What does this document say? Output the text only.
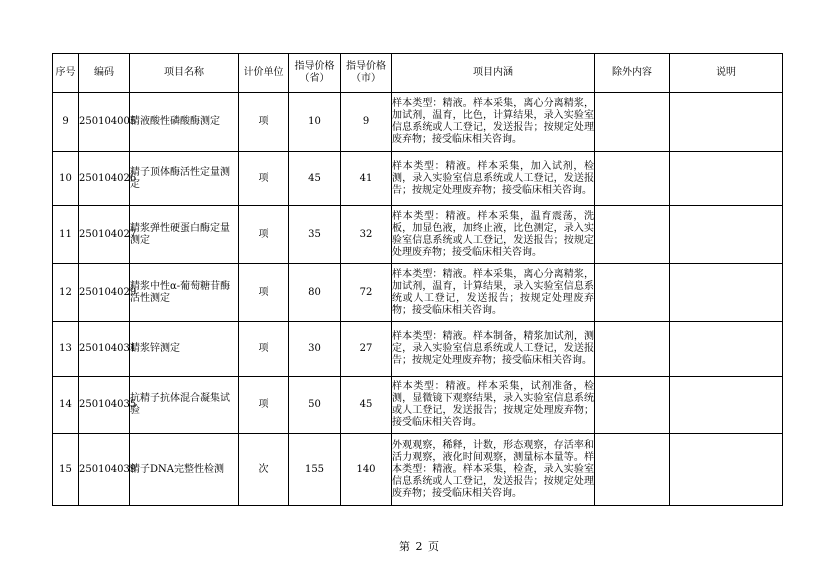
序号	编码	项目名称	计价单位	指导价格（省）	指导价格（市）	项目内涵	除外内容	说明
9	250104005	精液酸性磷酸酶测定	项	10	9	样本类型：精液。样本采集，离心分离精浆，加试剂，温育，比色，计算结果，录入实验室信息系统或人工登记，发送报告；按规定处理废弃物；接受临床相关咨询。		
10	250104026	精子顶体酶活性定量测定	项	45	41	样本类型：精液。样本采集，加入试剂，检测，录入实验室信息系统或人工登记，发送报告；按规定处理废弃物；接受临床相关咨询。		
11	250104027	精浆弹性硬蛋白酶定量测定	项	35	32	样本类型：精液。样本采集，温育震荡，洗板，加显色液，加终止液，比色测定，录入实验室信息系统或人工登记，发送报告；按规定处理废弃物；接受临床相关咨询。		
12	250104029	精浆中性α-葡萄糖苷酶活性测定	项	80	72	样本类型：精液。样本采集，离心分离精浆，加试剂，温育，计算结果，录入实验室信息系统或人工登记，发送报告；按规定处理废弃物；接受临床相关咨询。		
13	250104031	精浆锌测定	项	30	27	样本类型：精液。样本制备，精浆加试剂，测定，录入实验室信息系统或人工登记，发送报告；按规定处理废弃物；接受临床相关咨询。		
14	250104035	抗精子抗体混合凝集试验	项	50	45	样本类型：精液。样本采集，试剂准备，检测，显微镜下观察结果，录入实验室信息系统或人工登记，发送报告；按规定处理废弃物；接受临床相关咨询。		
15	250104039	精子DNA完整性检测	次	155	140	外观观察，稀释，计数，形态观察，存活率和活力观察，液化时间观察，测量标本量等。样本类型：精液。样本采集，检查，录入实验室信息系统或人工登记，发送报告；按规定处理废弃物；接受临床相关咨询。		
第 2 页
